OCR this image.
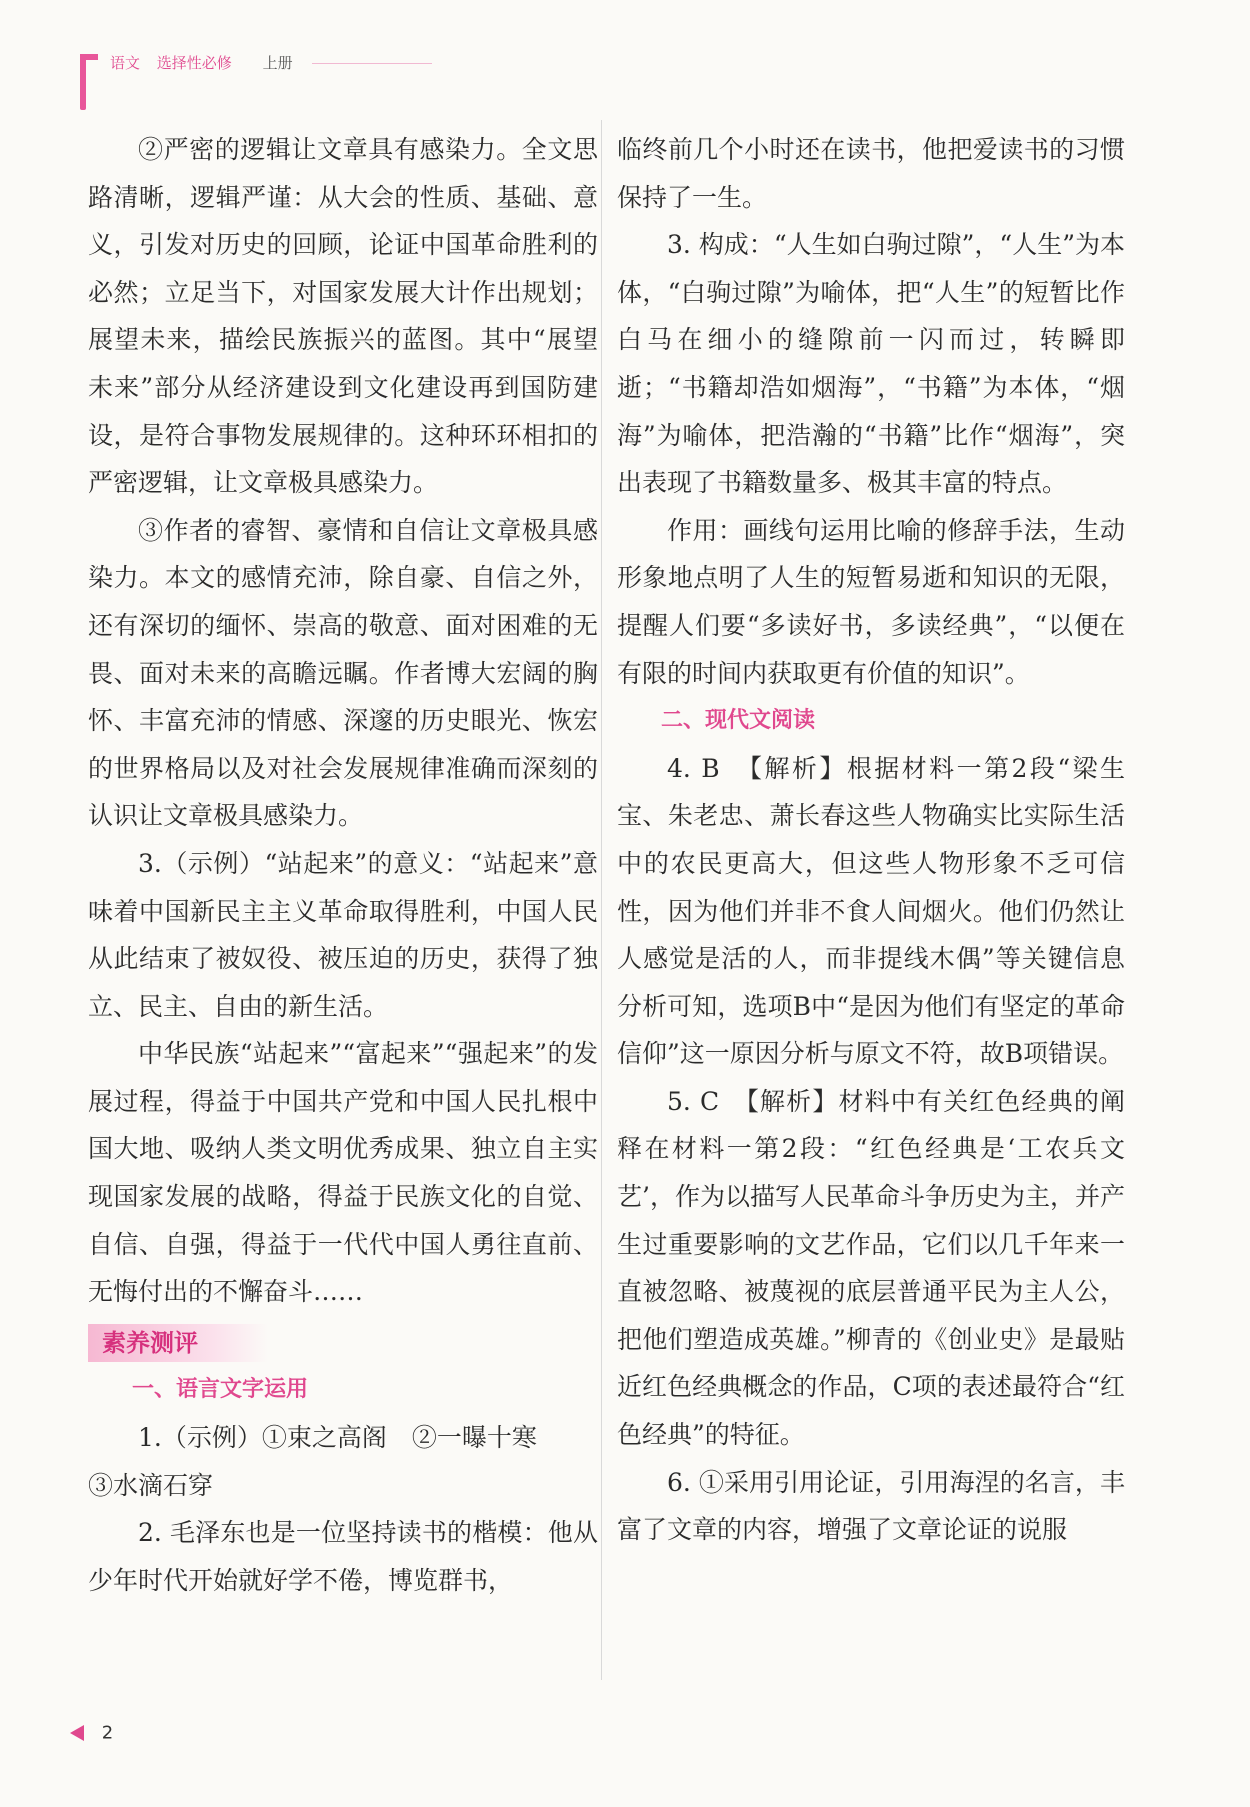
语文 选择性必修 上册

②严密的逻辑让文章具有感染力。全文思路清晰，逻辑严谨：从大会的性质、基础、意义，引发对历史的回顾，论证中国革命胜利的必然；立足当下，对国家发展大计作出规划；展望未来，描绘民族振兴的蓝图。其中“展望未来”部分从经济建设到文化建设再到国防建设，是符合事物发展规律的。这种环环相扣的严密逻辑，让文章极具感染力。

③作者的睿智、豪情和自信让文章极具感染力。本文的感情充沛，除自豪、自信之外，还有深切的缅怀、崇高的敬意、面对困难的无畏、面对未来的高瞻远瞩。作者博大宏阔的胸怀、丰富充沛的情感、深邃的历史眼光、恢宏的世界格局以及对社会发展规律准确而深刻的认识让文章极具感染力。

3.（示例）“站起来”的意义：“站起来”意味着中国新民主主义革命取得胜利，中国人民从此结束了被奴役、被压迫的历史，获得了独立、民主、自由的新生活。

中华民族“站起来”“富起来”“强起来”的发展过程，得益于中国共产党和中国人民扎根中国大地、吸纳人类文明优秀成果、独立自主实现国家发展的战略，得益于民族文化的自觉、自信、自强，得益于一代代中国人勇往直前、无悔付出的不懈奋斗……

素养测评

一、语言文字运用

1.（示例）①束之高阁　②一曝十寒

③水滴石穿

2. 毛泽东也是一位坚持读书的楷模：他从少年时代开始就好学不倦，博览群书，

临终前几个小时还在读书，他把爱读书的习惯保持了一生。

3. 构成：“人生如白驹过隙”，“人生”为本体，“白驹过隙”为喻体，把“人生”的短暂比作白马在细小的缝隙前一闪而过，转瞬即逝；“书籍却浩如烟海”，“书籍”为本体，“烟海”为喻体，把浩瀚的“书籍”比作“烟海”，突出表现了书籍数量多、极其丰富的特点。

作用：画线句运用比喻的修辞手法，生动形象地点明了人生的短暂易逝和知识的无限，提醒人们要“多读好书，多读经典”，“以便在有限的时间内获取更有价值的知识”。

二、现代文阅读

4. B　【解析】根据材料一第2段“梁生宝、朱老忠、萧长春这些人物确实比实际生活中的农民更高大，但这些人物形象不乏可信性，因为他们并非不食人间烟火。他们仍然让人感觉是活的人，而非提线木偶”等关键信息分析可知，选项B中“是因为他们有坚定的革命信仰”这一原因分析与原文不符，故B项错误。

5. C　【解析】材料中有关红色经典的阐释在材料一第2段：“红色经典是‘工农兵文艺’，作为以描写人民革命斗争历史为主，并产生过重要影响的文艺作品，它们以几千年来一直被忽略、被蔑视的底层普通平民为主人公，把他们塑造成英雄。”柳青的《创业史》是最贴近红色经典概念的作品，C项的表述最符合“红色经典”的特征。

6. ①采用引用论证，引用海涅的名言，丰富了文章的内容，增强了文章论证的说服

2
